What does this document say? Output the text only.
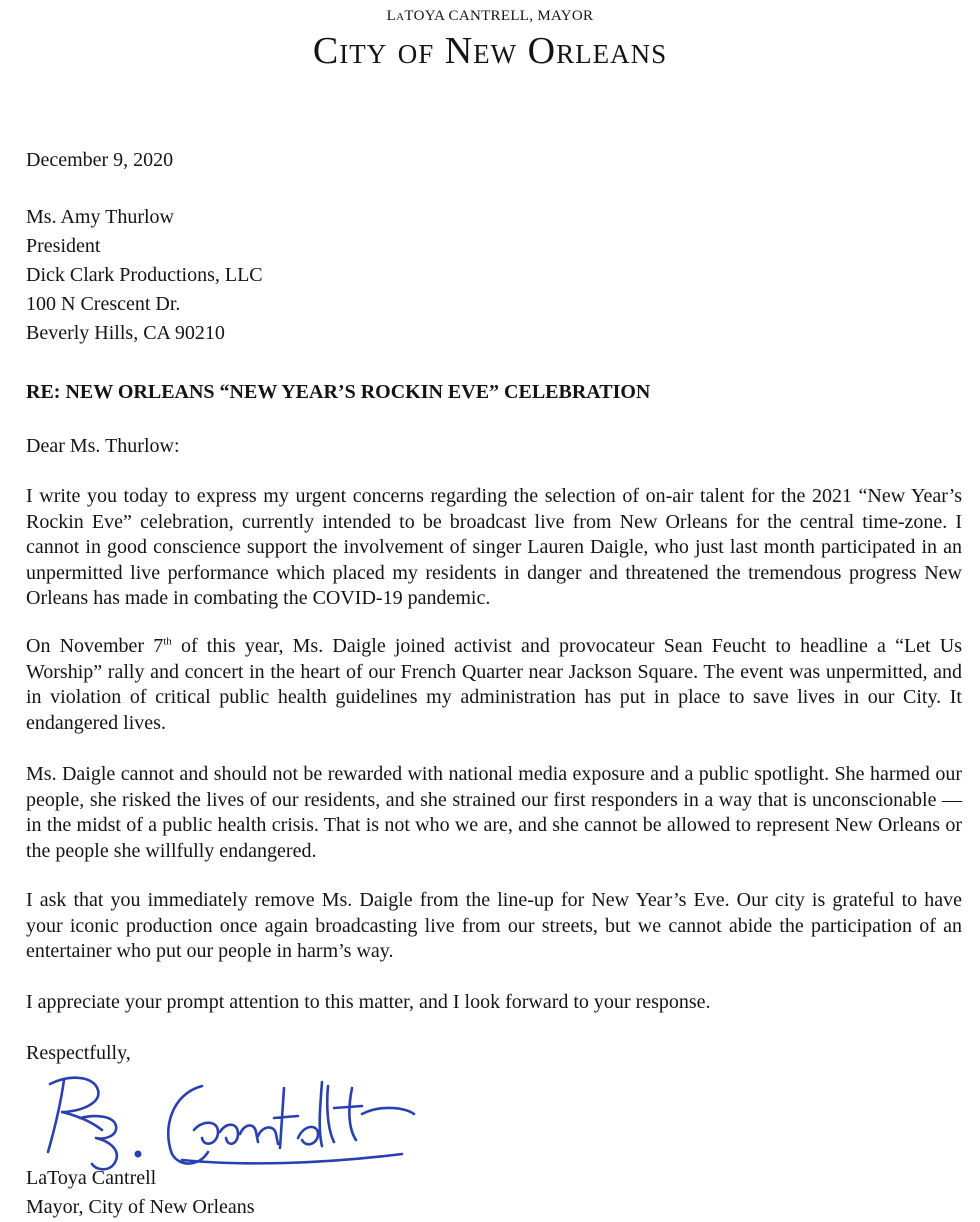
LaTOYA CANTRELL, MAYOR
City of New Orleans
December 9, 2020
Ms. Amy Thurlow
President
Dick Clark Productions, LLC
100 N Crescent Dr.
Beverly Hills, CA 90210
RE: NEW ORLEANS “NEW YEAR’S ROCKIN EVE” CELEBRATION
Dear Ms. Thurlow:
I write you today to express my urgent concerns regarding the selection of on-air talent for the 2021 “New Year’s Rockin Eve” celebration, currently intended to be broadcast live from New Orleans for the central time-zone. I cannot in good conscience support the involvement of singer Lauren Daigle, who just last month participated in an unpermitted live performance which placed my residents in danger and threatened the tremendous progress New Orleans has made in combating the COVID-19 pandemic.
On November 7th of this year, Ms. Daigle joined activist and provocateur Sean Feucht to headline a “Let Us Worship” rally and concert in the heart of our French Quarter near Jackson Square. The event was unpermitted, and in violation of critical public health guidelines my administration has put in place to save lives in our City. It endangered lives.
Ms. Daigle cannot and should not be rewarded with national media exposure and a public spotlight. She harmed our people, she risked the lives of our residents, and she strained our first responders in a way that is unconscionable — in the midst of a public health crisis. That is not who we are, and she cannot be allowed to represent New Orleans or the people she willfully endangered.
I ask that you immediately remove Ms. Daigle from the line-up for New Year’s Eve. Our city is grateful to have your iconic production once again broadcasting live from our streets, but we cannot abide the participation of an entertainer who put our people in harm’s way.
I appreciate your prompt attention to this matter, and I look forward to your response.
Respectfully,
LaToya Cantrell
Mayor, City of New Orleans
